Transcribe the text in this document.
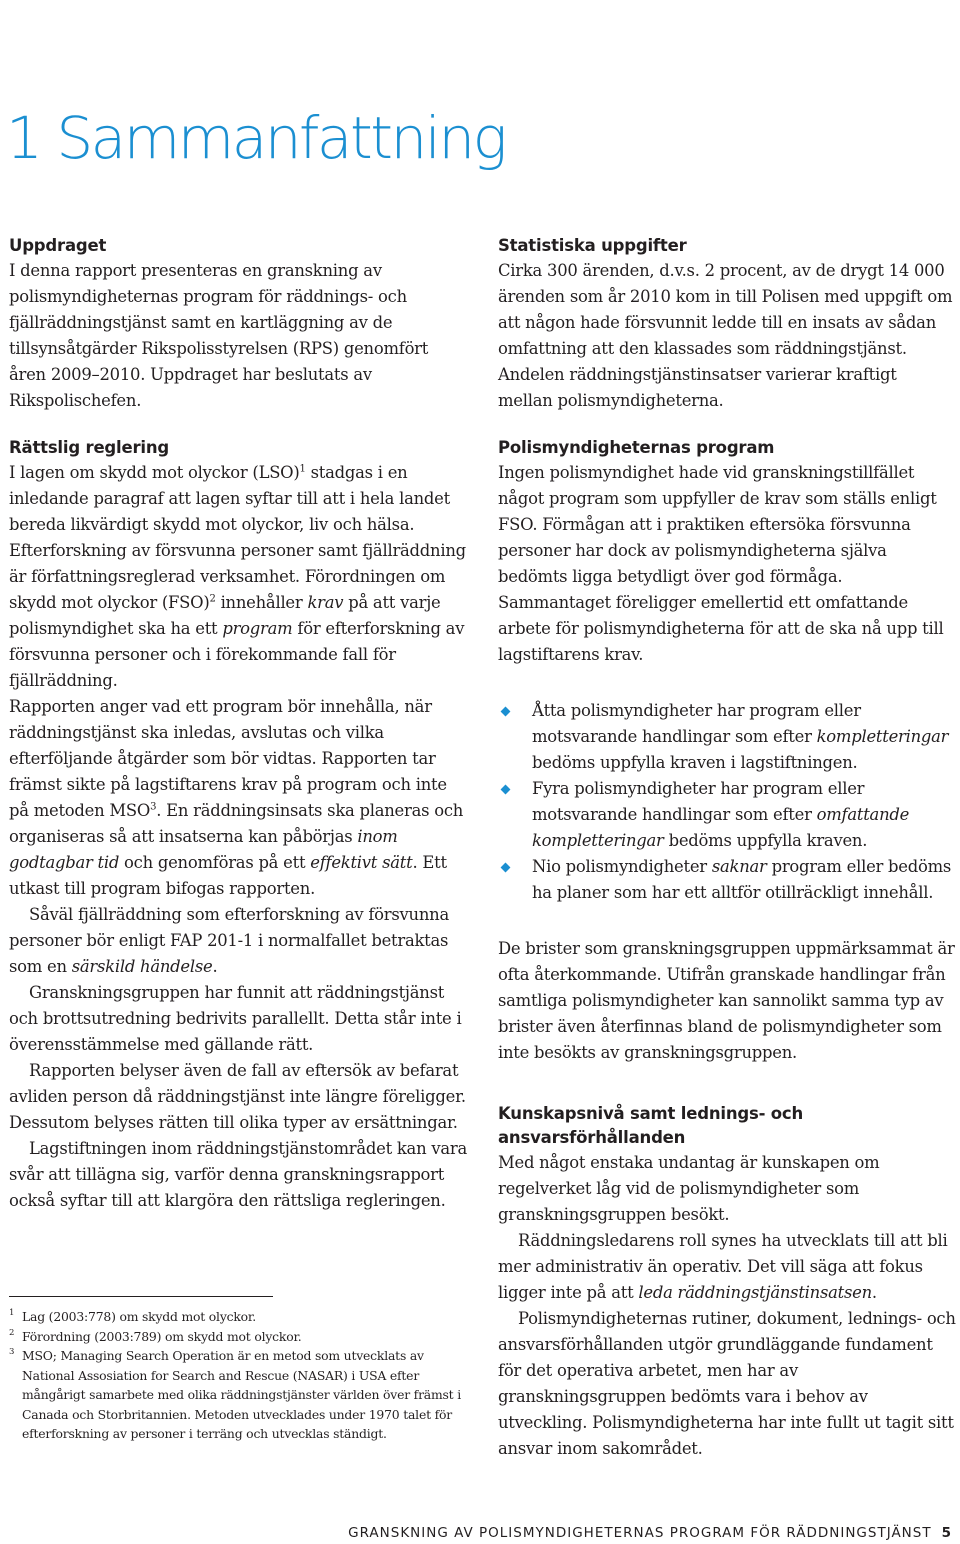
1 Sammanfattning
Uppdraget

I denna rapport presenteras en granskning av polismyndigheternas program för räddnings- och fjällräddningstjänst samt en kartläggning av de tillsynsåtgärder Rikspolisstyrelsen (RPS) genomfört åren 2009–2010. Uppdraget har beslutats av Rikspolischefen.

Rättslig reglering

I lagen om skydd mot olyckor (LSO)$^1$ stadgas i en inledande paragraf att lagen syftar till att i hela landet bereda likvärdigt skydd mot olyckor, liv och hälsa.

Efterforskning av försvunna personer samt fjällräddning är författningsreglerad verksamhet. Förordningen om skydd mot olyckor (FSO)$^2$ innehåller krav på att varje polismyndighet ska ha ett program för efterforskning av försvunna personer och i förekommande fall för fjällräddning.

Rapporten anger vad ett program bör innehålla, när räddningstjänst ska inledas, avslutas och vilka efterföljande åtgärder som bör vidtas. Rapporten tar främst sikte på lagstiftarens krav på program och inte på metoden MSO$^3$. En räddningsinsats ska planeras och organiseras så att insatserna kan påbörjas inom godtagbar tid och genomföras på ett effektivt sätt. Ett utkast till program bifogas rapporten.

Såväl fjällräddning som efterforskning av försvunna personer bör enligt FAP 201-1 i normalfallet betraktas som en särskild händelse.

Granskningsgruppen har funnit att räddningstjänst och brottsutredning bedrivits parallellt. Detta står inte i överensstämmelse med gällande rätt.

Rapporten belyser även de fall av eftersök av befarat avliden person då räddningstjänst inte längre föreligger. Dessutom belyses rätten till olika typer av ersättningar.

Lagstiftningen inom räddningstjänstområdet kan vara svår att tillägna sig, varför denna granskningsrapport också syftar till att klargöra den rättsliga regleringen.

1 Lag (2003:778) om skydd mot olyckor.
2 Förordning (2003:789) om skydd mot olyckor.
3 MSO; Managing Search Operation är en metod som utvecklats av National Assosiation for Search and Rescue (NASAR) i USA efter mångårigt samarbete med olika räddningstjänster världen över främst i Canada och Storbritannien. Metoden utvecklades under 1970 talet för efterforskning av personer i terräng och utvecklas ständigt.
Statistiska uppgifter

Cirka 300 ärenden, d.v.s. 2 procent, av de drygt 14 000 ärenden som år 2010 kom in till Polisen med uppgift om att någon hade försvunnit ledde till en insats av sådan omfattning att den klassades som räddningstjänst. Andelen räddningstjänstinsatser varierar kraftigt mellan polismyndigheterna.

Polismyndigheternas program

Ingen polismyndighet hade vid granskningstillfället något program som uppfyller de krav som ställs enligt FSO. Förmågan att i praktiken eftersöka försvunna personer har dock av polismyndigheterna själva bedömts ligga betydligt över god förmåga. Sammantaget föreligger emellertid ett omfattande arbete för polismyndigheterna för att de ska nå upp till lagstiftarens krav.

Åtta polismyndigheter har program eller motsvarande handlingar som efter kompletteringar bedöms uppfylla kraven i lagstiftningen.
Fyra polismyndigheter har program eller motsvarande handlingar som efter omfattande kompletteringar bedöms uppfylla kraven.
Nio polismyndigheter saknar program eller bedöms ha planer som har ett alltför otillräckligt innehåll.

De brister som granskningsgruppen uppmärksammat är ofta återkommande. Utifrån granskade handlingar från samtliga polismyndigheter kan sannolikt samma typ av brister även återfinnas bland de polismyndigheter som inte besökts av granskningsgruppen.

Kunskapsnivå samt lednings- och ansvarsförhållanden

Med något enstaka undantag är kunskapen om regelverket låg vid de polismyndigheter som granskningsgruppen besökt.

Räddningsledarens roll synes ha utvecklats till att bli mer administrativ än operativ. Det vill säga att fokus ligger inte på att leda räddningstjänstinsatsen.

Polismyndigheternas rutiner, dokument, lednings- och ansvarsförhållanden utgör grundläggande fundament för det operativa arbetet, men har av granskningsgruppen bedömts vara i behov av utveckling. Polismyndigheterna har inte fullt ut tagit sitt ansvar inom sakområdet.

GRANSKNING AV POLISMYNDIGHETERNAS PROGRAM FÖR RÄDDNINGSTJÄNST 5
